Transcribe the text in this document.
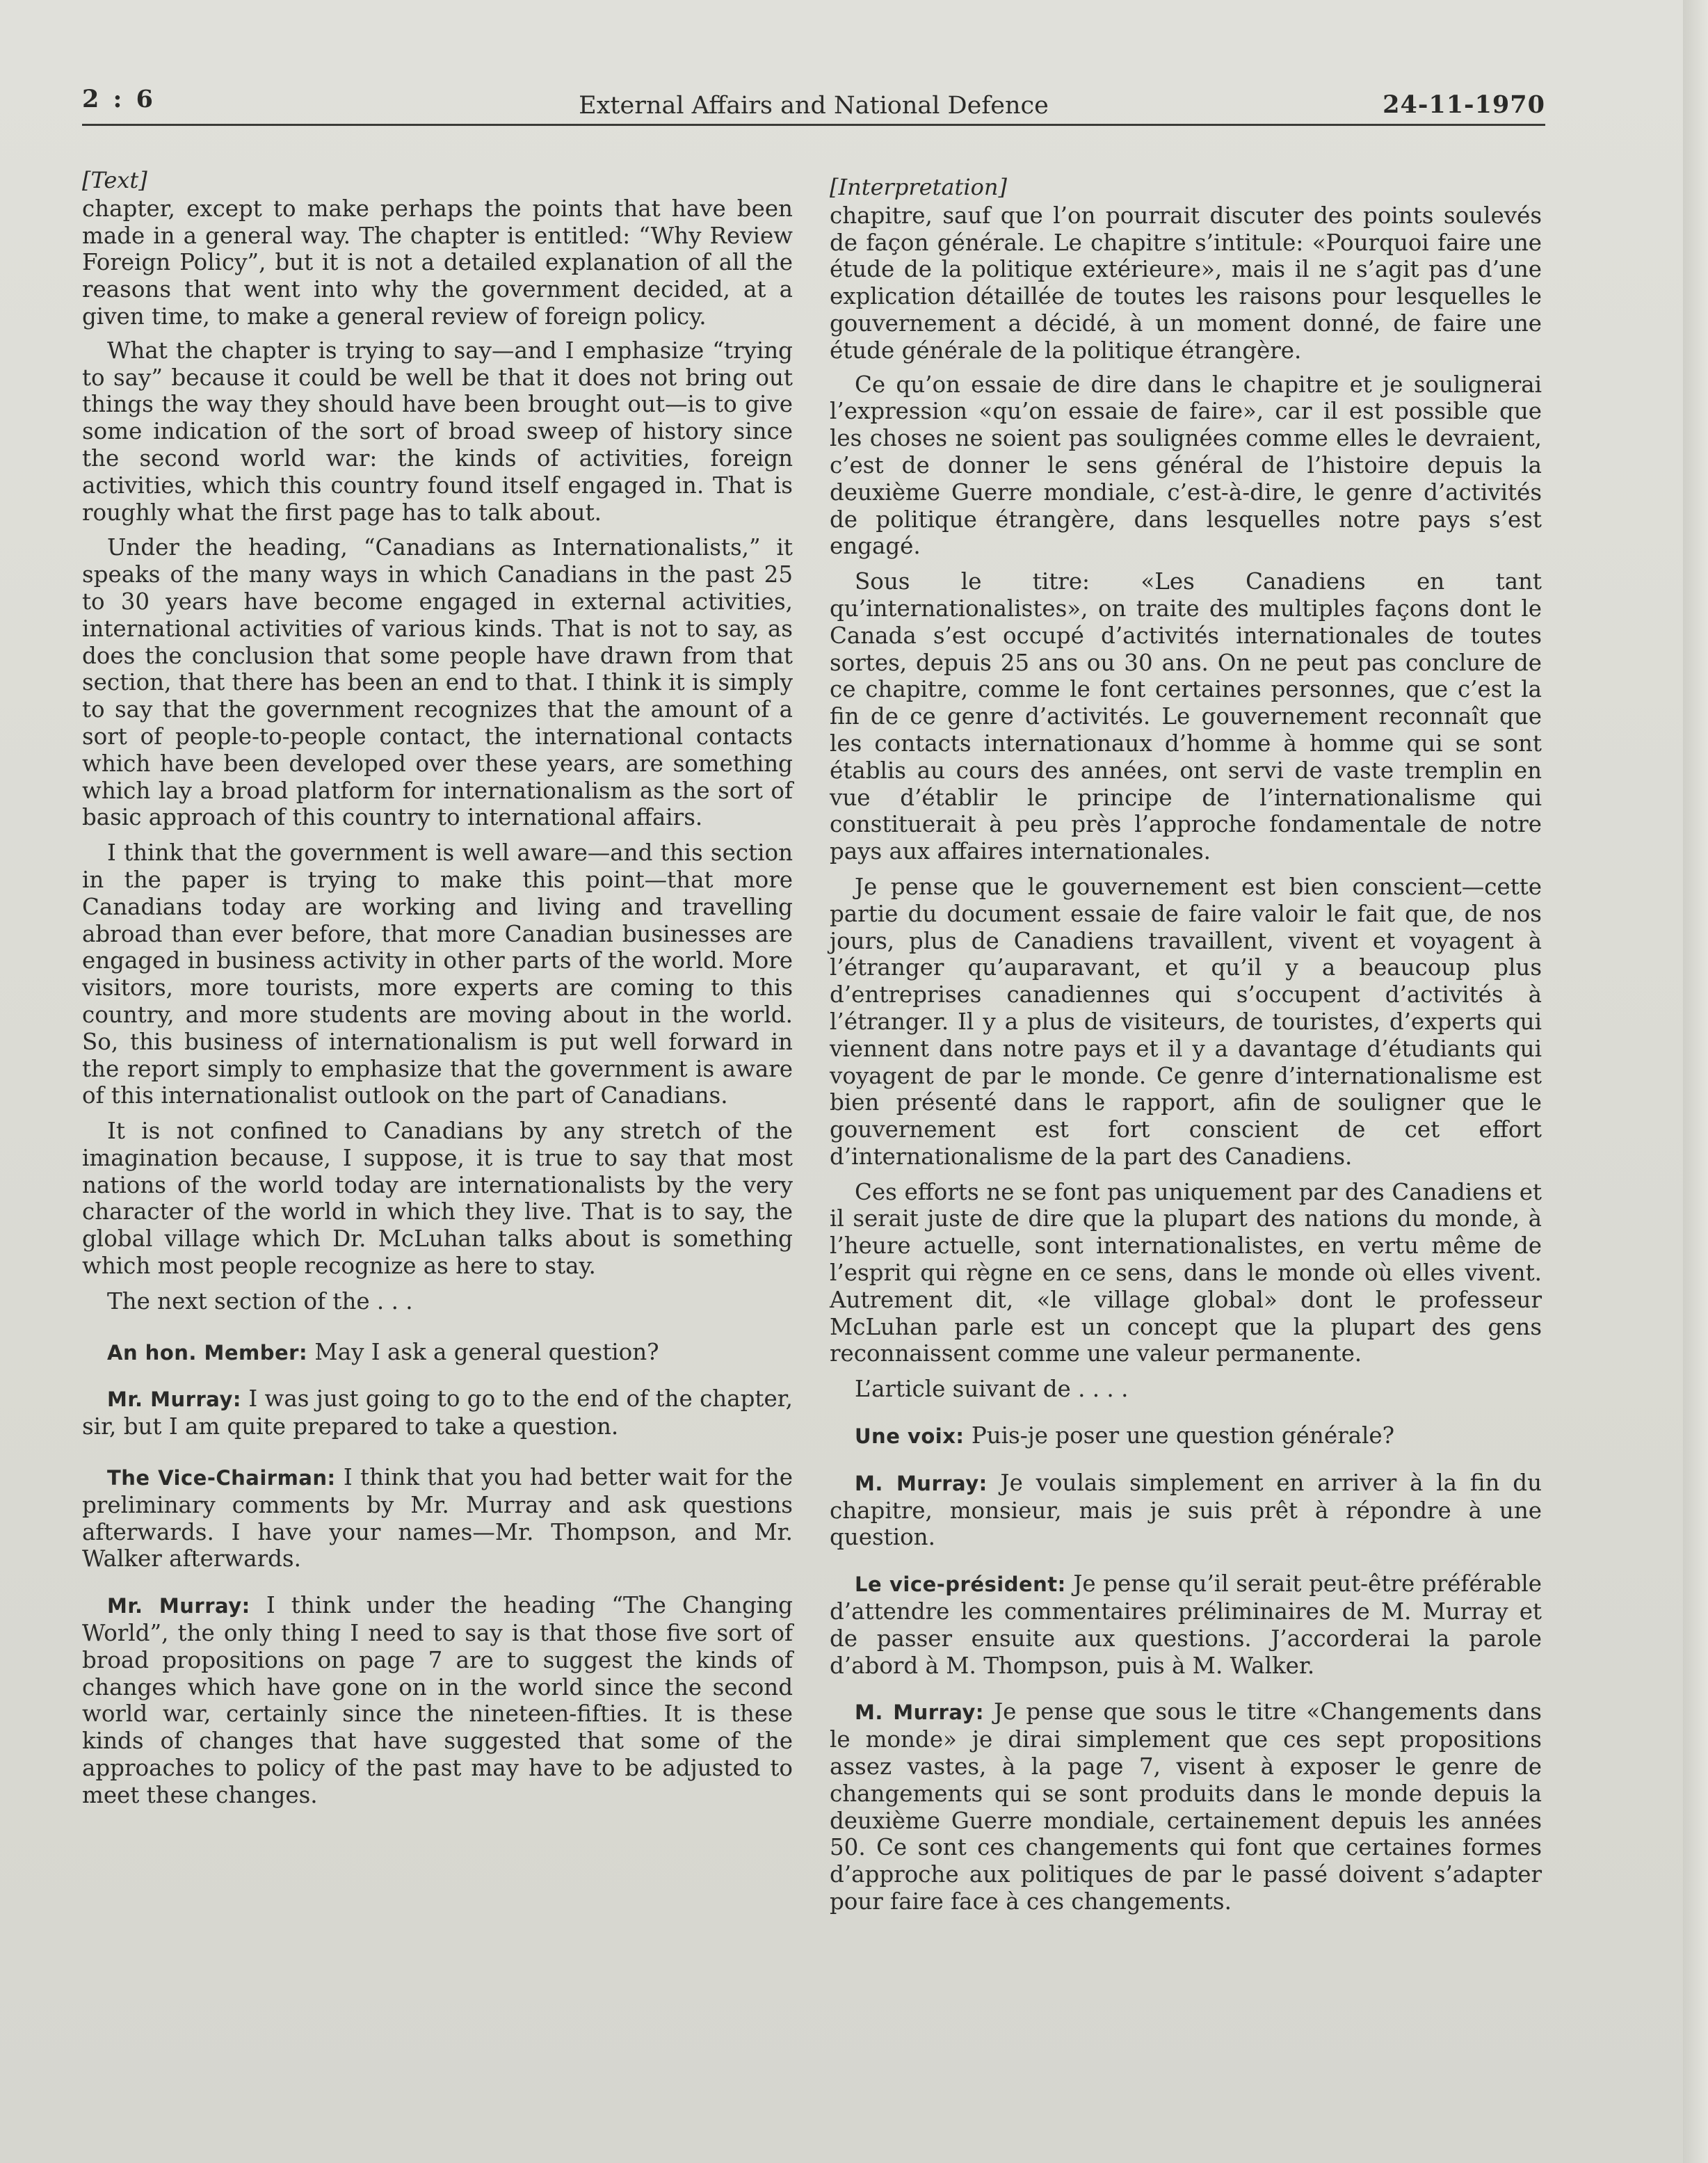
2 : 6	External Affairs and National Defence	24-11-1970
[Text]

chapter, except to make perhaps the points that have been made in a general way. The chapter is entitled: “Why Review Foreign Policy”, but it is not a detailed explanation of all the reasons that went into why the government decided, at a given time, to make a general review of foreign policy.

What the chapter is trying to say—and I emphasize “trying to say” because it could be well be that it does not bring out things the way they should have been brought out—is to give some indication of the sort of broad sweep of history since the second world war: the kinds of activities, foreign activities, which this country found itself engaged in. That is roughly what the first page has to talk about.

Under the heading, “Canadians as Internationalists,” it speaks of the many ways in which Canadians in the past 25 to 30 years have become engaged in external activities, international activities of various kinds. That is not to say, as does the conclusion that some people have drawn from that section, that there has been an end to that. I think it is simply to say that the government recognizes that the amount of a sort of people-to-people contact, the international contacts which have been developed over these years, are something which lay a broad platform for internationalism as the sort of basic approach of this country to international affairs.

I think that the government is well aware—and this section in the paper is trying to make this point—that more Canadians today are working and living and travelling abroad than ever before, that more Canadian businesses are engaged in business activity in other parts of the world. More visitors, more tourists, more experts are coming to this country, and more students are moving about in the world. So, this business of internationalism is put well forward in the report simply to emphasize that the government is aware of this internationalist outlook on the part of Canadians.

It is not confined to Canadians by any stretch of the imagination because, I suppose, it is true to say that most nations of the world today are internationalists by the very character of the world in which they live. That is to say, the global village which Dr. McLuhan talks about is something which most people recognize as here to stay.

The next section of the . . .

An hon. Member: May I ask a general question?

Mr. Murray: I was just going to go to the end of the chapter, sir, but I am quite prepared to take a question.

The Vice-Chairman: I think that you had better wait for the preliminary comments by Mr. Murray and ask questions afterwards. I have your names—Mr. Thompson, and Mr. Walker afterwards.

Mr. Murray: I think under the heading “The Changing World”, the only thing I need to say is that those five sort of broad propositions on page 7 are to suggest the kinds of changes which have gone on in the world since the second world war, certainly since the nineteen-fifties. It is these kinds of changes that have suggested that some of the approaches to policy of the past may have to be adjusted to meet these changes.

[Interpretation]

chapitre, sauf que l’on pourrait discuter des points soulevés de façon générale. Le chapitre s’intitule: «Pourquoi faire une étude de la politique extérieure», mais il ne s’agit pas d’une explication détaillée de toutes les raisons pour lesquelles le gouvernement a décidé, à un moment donné, de faire une étude générale de la politique étrangère.

Ce qu’on essaie de dire dans le chapitre et je soulignerai l’expression «qu’on essaie de faire», car il est possible que les choses ne soient pas soulignées comme elles le devraient, c’est de donner le sens général de l’histoire depuis la deuxième Guerre mondiale, c’est-à-dire, le genre d’activités de politique étrangère, dans lesquelles notre pays s’est engagé.

Sous le titre: «Les Canadiens en tant qu’internationalistes», on traite des multiples façons dont le Canada s’est occupé d’activités internationales de toutes sortes, depuis 25 ans ou 30 ans. On ne peut pas conclure de ce chapitre, comme le font certaines personnes, que c’est la fin de ce genre d’activités. Le gouvernement reconnaît que les contacts internationaux d’homme à homme qui se sont établis au cours des années, ont servi de vaste tremplin en vue d’établir le principe de l’internationalisme qui constituerait à peu près l’approche fondamentale de notre pays aux affaires internationales.

Je pense que le gouvernement est bien conscient—cette partie du document essaie de faire valoir le fait que, de nos jours, plus de Canadiens travaillent, vivent et voyagent à l’étranger qu’auparavant, et qu’il y a beaucoup plus d’entreprises canadiennes qui s’occupent d’activités à l’étranger. Il y a plus de visiteurs, de touristes, d’experts qui viennent dans notre pays et il y a davantage d’étudiants qui voyagent de par le monde. Ce genre d’internationalisme est bien présenté dans le rapport, afin de souligner que le gouvernement est fort conscient de cet effort d’internationalisme de la part des Canadiens.

Ces efforts ne se font pas uniquement par des Canadiens et il serait juste de dire que la plupart des nations du monde, à l’heure actuelle, sont internationalistes, en vertu même de l’esprit qui règne en ce sens, dans le monde où elles vivent. Autrement dit, «le village global» dont le professeur McLuhan parle est un concept que la plupart des gens reconnaissent comme une valeur permanente.

L’article suivant de . . . .

Une voix: Puis-je poser une question générale?

M. Murray: Je voulais simplement en arriver à la fin du chapitre, monsieur, mais je suis prêt à répondre à une question.

Le vice-président: Je pense qu’il serait peut-être préférable d’attendre les commentaires préliminaires de M. Murray et de passer ensuite aux questions. J’accorderai la parole d’abord à M. Thompson, puis à M. Walker.

M. Murray: Je pense que sous le titre «Changements dans le monde» je dirai simplement que ces sept propositions assez vastes, à la page 7, visent à exposer le genre de changements qui se sont produits dans le monde depuis la deuxième Guerre mondiale, certainement depuis les années 50. Ce sont ces changements qui font que certaines formes d’approche aux politiques de par le passé doivent s’adapter pour faire face à ces changements.
